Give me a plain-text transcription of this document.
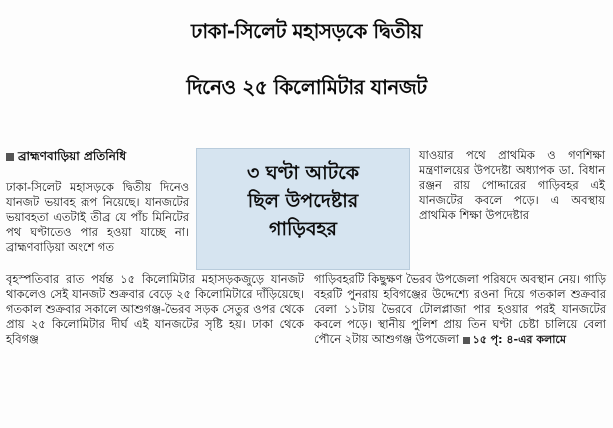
ঢাকা-সিলেট মহাসড়কে দ্বিতীয়
দিনেও ২৫ কিলোমিটার যানজট
ব্রাহ্মণবাড়িয়া প্রতিনিধি
৩ ঘণ্টা আটকে
ছিল উপদেষ্টার
গাড়িবহর

ঢাকা-সিলেট মহাসড়কে দ্বিতীয় দিনেও যানজট ভয়াবহ রূপ নিয়েছে। যানজটের ভয়াবহতা এতটাই তীব্র যে পাঁচ মিনিটের পথ ঘণ্টাতেও পার হওয়া যাচ্ছে না। ব্রাহ্মণবাড়িয়া অংশে গত

যাওয়ার পথে প্রাথমিক ও গণশিক্ষা মন্ত্রণালয়ের উপদেষ্টা অধ্যাপক ডা. বিধান রঞ্জন রায় পোদ্দারের গাড়িবহর এই যানজটের কবলে পড়ে। এ অবস্থায় প্রাথমিক শিক্ষা উপদেষ্টার

বৃহস্পতিবার রাত পর্যন্ত ১৫ কিলোমিটার মহাসড়কজুড়ে যানজট থাকলেও সেই যানজট শুক্রবার বেড়ে ২৫ কিলোমিটারে দাঁড়িয়েছে। গতকাল শুক্রবার সকালে আশুগঞ্জ-ভৈরব সড়ক সেতুর ওপর থেকে প্রায় ২৫ কিলোমিটার দীর্ঘ এই যানজটের সৃষ্টি হয়। ঢাকা থেকে হবিগঞ্জ

গাড়িবহরটি কিছুক্ষণ ভৈরব উপজেলা পরিষদে অবস্থান নেয়। গাড়ি বহরটি পুনরায় হবিগঞ্জের উদ্দেশ্যে রওনা দিয়ে গতকাল শুক্রবার বেলা ১১টায় ভৈরবে টোলপ্লাজা পার হওয়ার পরই যানজটের কবলে পড়ে। স্থানীয় পুলিশ প্রায় তিন ঘণ্টা চেষ্টা চালিয়ে বেলা পৌনে ২টায় আশুগঞ্জ উপজেলা ১৫ পৃ: ৪-এর কলামে
